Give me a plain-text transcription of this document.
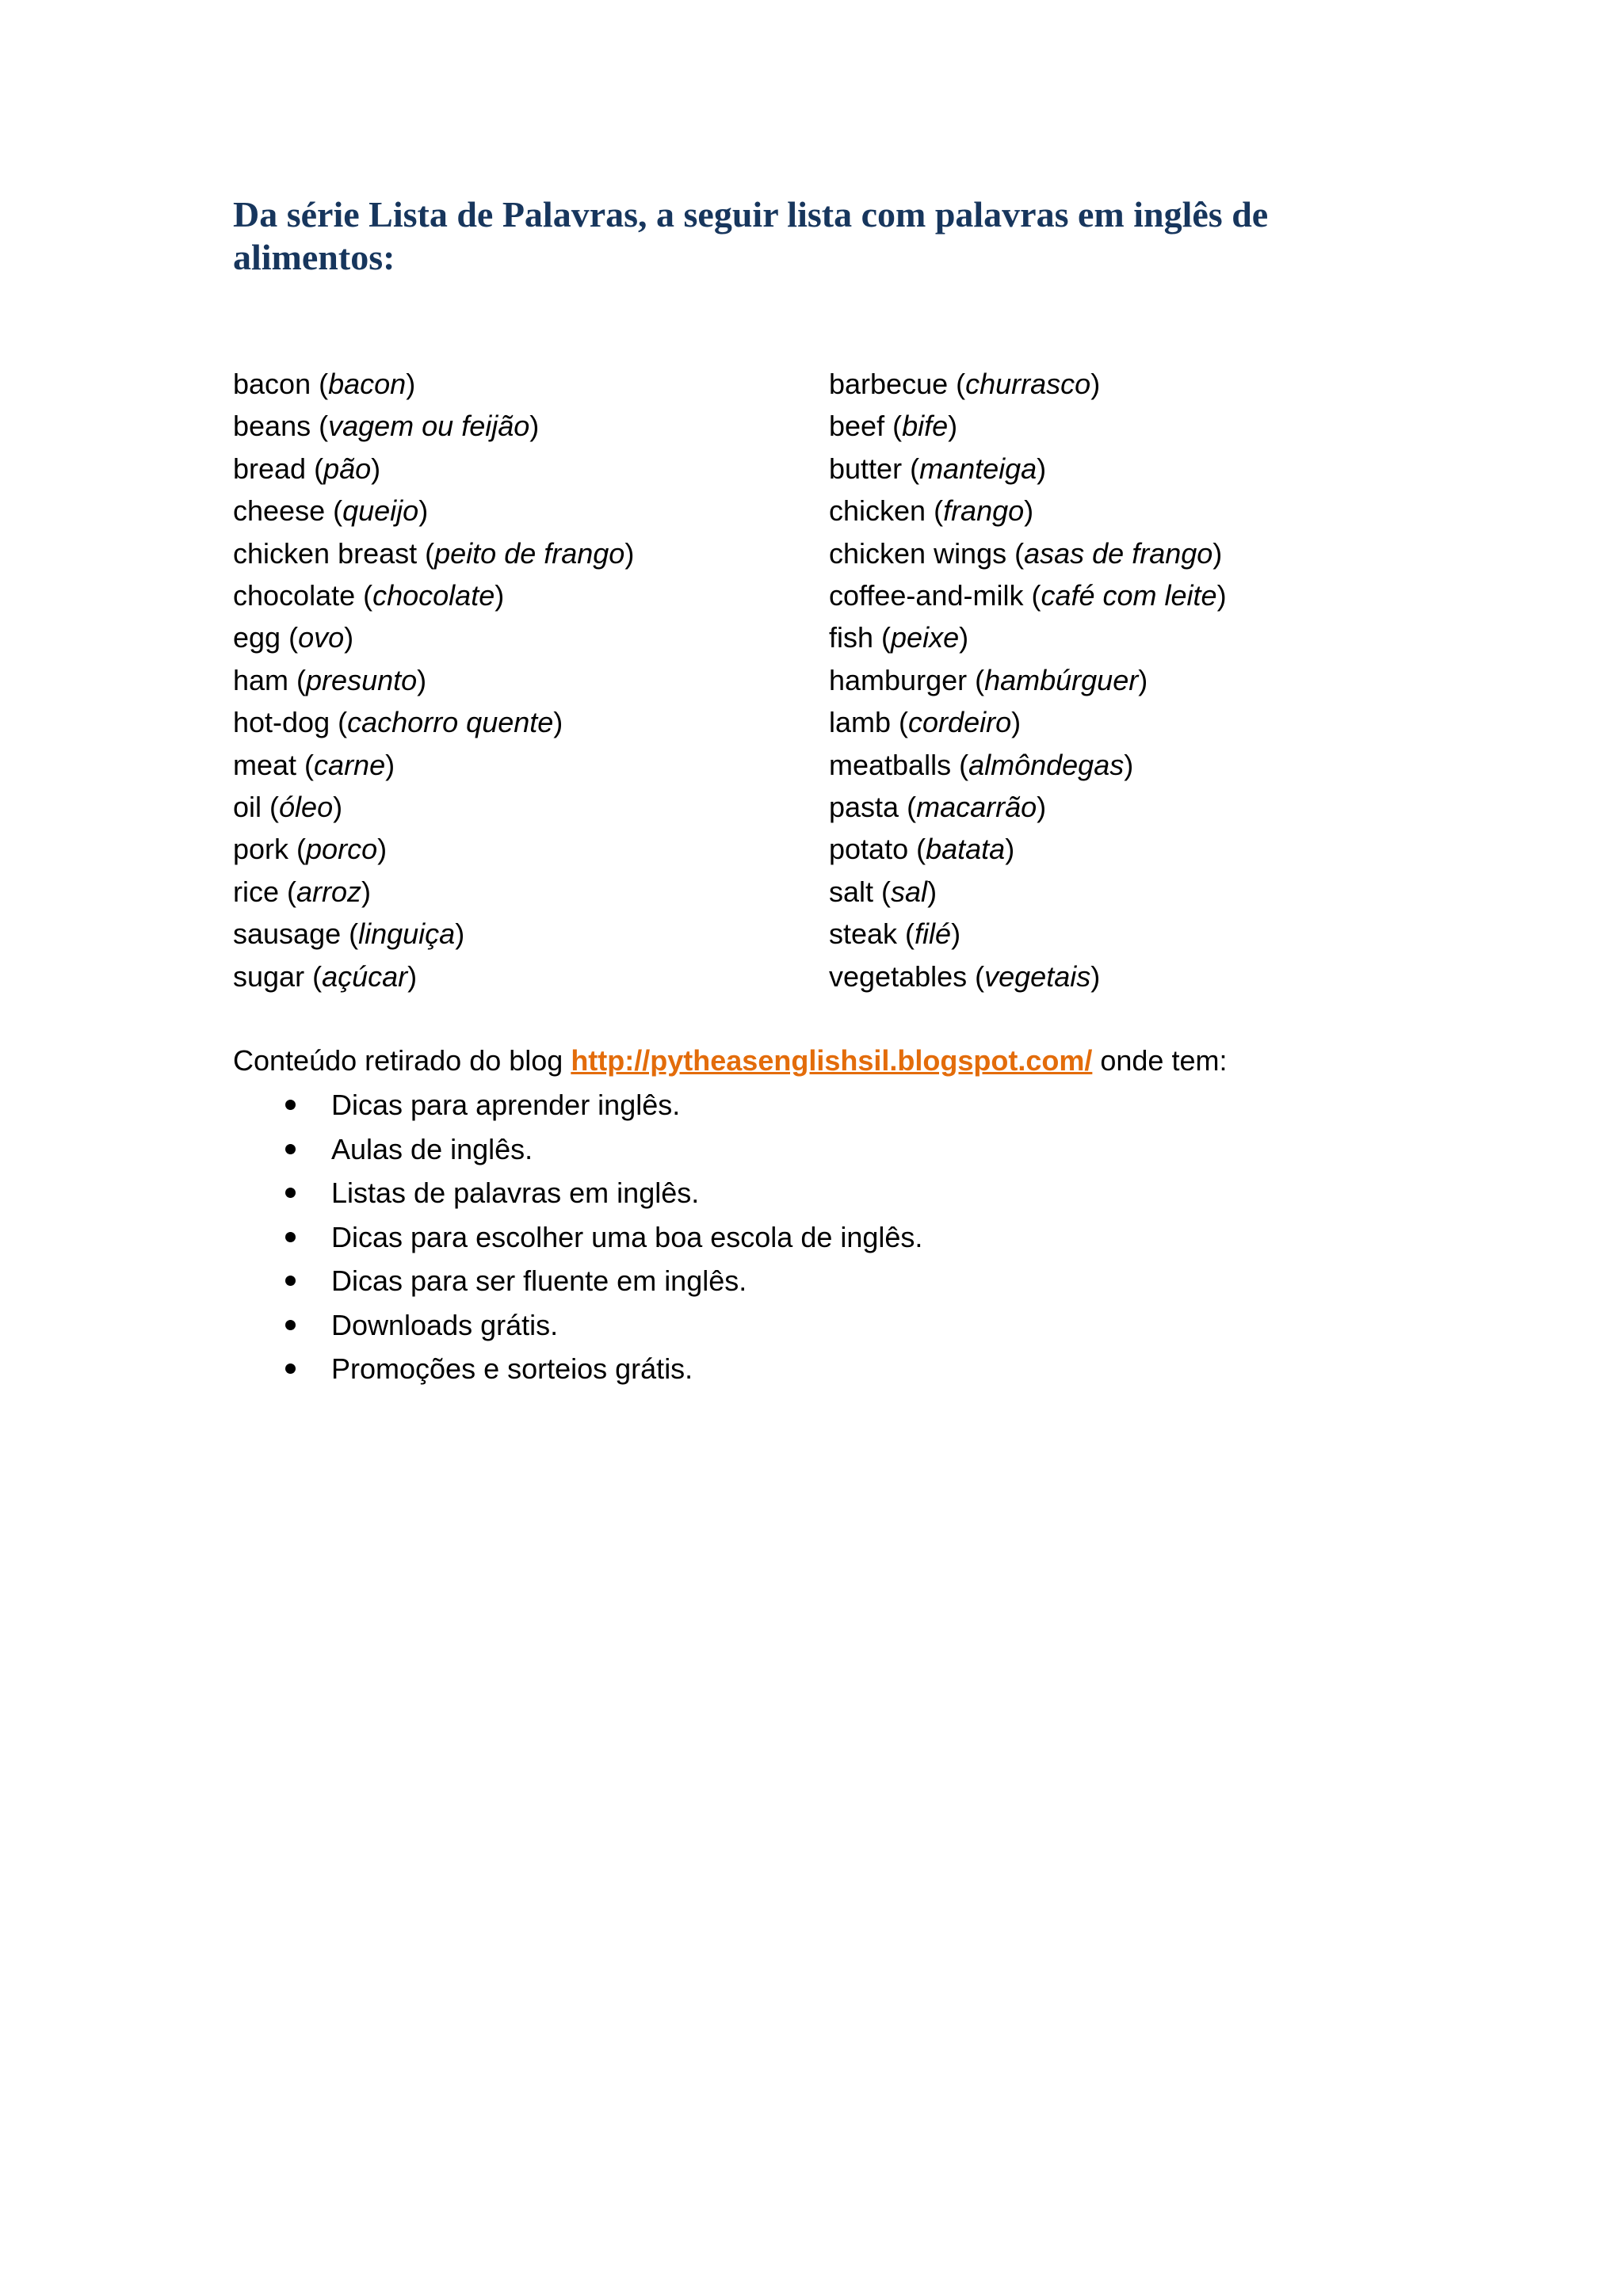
Da série Lista de Palavras, a seguir lista com palavras em inglês de alimentos:
bacon (bacon)
beans (vagem ou feijão)
bread (pão)
cheese (queijo)
chicken breast (peito de frango)
chocolate (chocolate)
egg (ovo)
ham (presunto)
hot-dog (cachorro quente)
meat (carne)
oil (óleo)
pork (porco)
rice (arroz)
sausage (linguiça)
sugar (açúcar)
barbecue (churrasco)
beef (bife)
butter (manteiga)
chicken (frango)
chicken wings (asas de frango)
coffee-and-milk (café com leite)
fish (peixe)
hamburger (hambúrguer)
lamb (cordeiro)
meatballs (almôndegas)
pasta (macarrão)
potato (batata)
salt (sal)
steak (filé)
vegetables (vegetais)

Conteúdo retirado do blog http://pytheasenglishsil.blogspot.com/ onde tem:

Dicas para aprender inglês.
Aulas de inglês.
Listas de palavras em inglês.
Dicas para escolher uma boa escola de inglês.
Dicas para ser fluente em inglês.
Downloads grátis.
Promoções e sorteios grátis.
